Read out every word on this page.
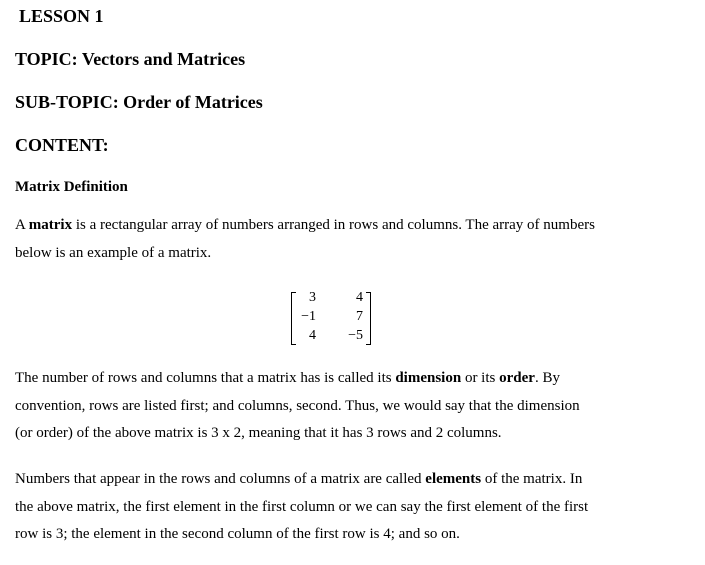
LESSON 1
TOPIC: Vectors and Matrices
SUB-TOPIC: Order of Matrices
CONTENT:
Matrix Definition
A matrix is a rectangular array of numbers arranged in rows and columns. The array of numbers
below is an example of a matrix.
3	4
−1	7
4	−5
The number of rows and columns that a matrix has is called its dimension or its order. By
convention, rows are listed first; and columns, second. Thus, we would say that the dimension
(or order) of the above matrix is 3 x 2, meaning that it has 3 rows and 2 columns.
Numbers that appear in the rows and columns of a matrix are called elements of the matrix. In
the above matrix, the first element in the first column or we can say the first element of the first
row is 3; the element in the second column of the first row is 4; and so on.
